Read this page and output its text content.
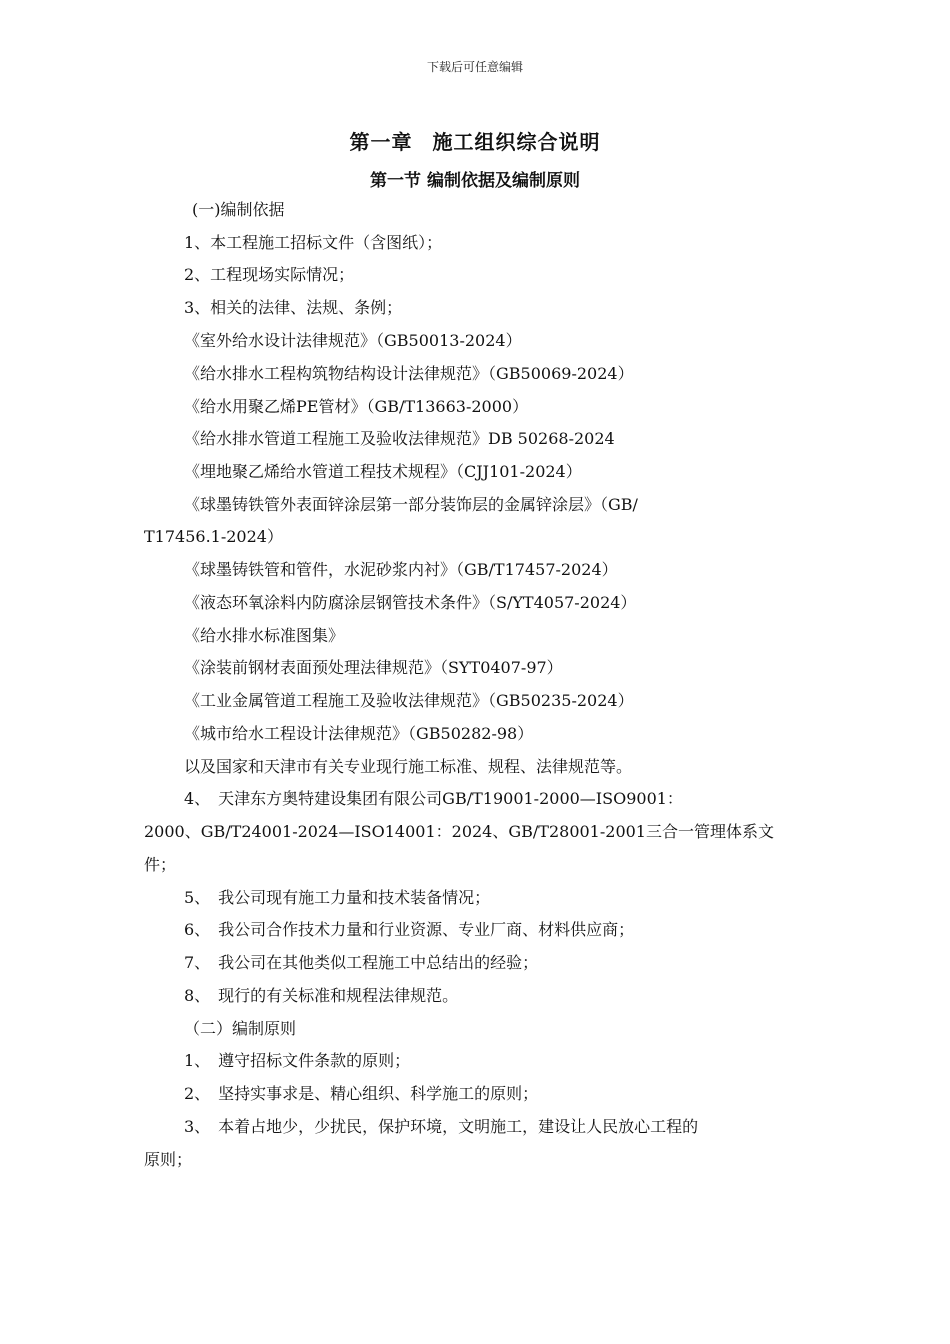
下载后可任意编辑
第一章 施工组织综合说明
第一节 编制依据及编制原则
(一)编制依据
1、本工程施工招标文件（含图纸）；
2、工程现场实际情况；
3、相关的法律、法规、条例；
《室外给水设计法律规范》（GB50013-2024）
《给水排水工程构筑物结构设计法律规范》（GB50069-2024）
《给水用聚乙烯PE管材》（GB/T13663-2000）
《给水排水管道工程施工及验收法律规范》DB 50268-2024
《埋地聚乙烯给水管道工程技术规程》（CJJ101-2024）
《球墨铸铁管外表面锌涂层第一部分装饰层的金属锌涂层》（GB/
T17456.1-2024）
《球墨铸铁管和管件，水泥砂浆内衬》（GB/T17457-2024）
《液态环氧涂料内防腐涂层钢管技术条件》（S/YT4057-2024）
《给水排水标准图集》
《涂装前钢材表面预处理法律规范》（SYT0407-97）
《工业金属管道工程施工及验收法律规范》（GB50235-2024）
《城市给水工程设计法律规范》（GB50282-98）
以及国家和天津市有关专业现行施工标准、规程、法律规范等。
4、　天津东方奥特建设集团有限公司GB/T19001-2000—ISO9001：
2000、GB/T24001-2024—ISO14001：2024、GB/T28001-2001三合一管理体系文
件；
5、　我公司现有施工力量和技术装备情况；
6、　我公司合作技术力量和行业资源、专业厂商、材料供应商；
7、　我公司在其他类似工程施工中总结出的经验；
8、　现行的有关标准和规程法律规范。
（二）编制原则
1、　遵守招标文件条款的原则；
2、　坚持实事求是、精心组织、科学施工的原则；
3、　本着占地少，少扰民，保护环境，文明施工，建设让人民放心工程的
原则；
